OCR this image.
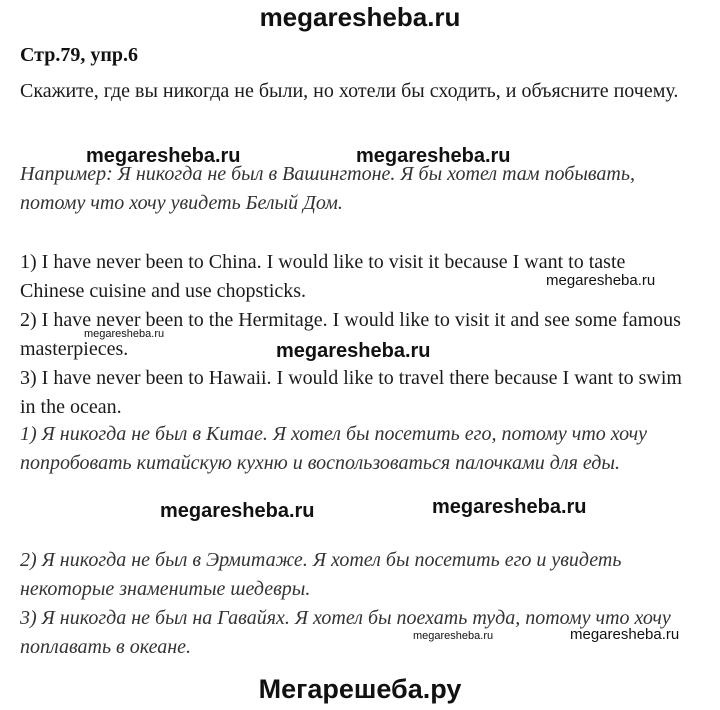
megaresheba.ru
Стр.79, упр.6
Скажите, где вы никогда не были, но хотели бы сходить, и объясните почему.
megaresheba.ru	megaresheba.ru
Например: Я никогда не был в Вашингтоне. Я бы хотел там побывать, потому что хочу увидеть Белый Дом.

1) I have never been to China. I would like to visit it because I want to taste Chinese cuisine and use chopsticks.

2) I have never been to the Hermitage. I would like to visit it and see some famous masterpieces.

3) I have never been to Hawaii. I would like to travel there because I want to swim in the ocean.

megaresheba.ru
megaresheba.ru
megaresheba.ru
1) Я никогда не был в Китае. Я хотел бы посетить его, потому что хочу попробовать китайскую кухню и воспользоваться палочками для еды.
megaresheba.ru	megaresheba.ru

2) Я никогда не был в Эрмитаже. Я хотел бы посетить его и увидеть некоторые знаменитые шедевры.

3) Я никогда не был на Гавайях. Я хотел бы поехать туда, потому что хочу поплавать в океане.	megaresheba.ru	megaresheba.ru
Мегарешеба.ру
